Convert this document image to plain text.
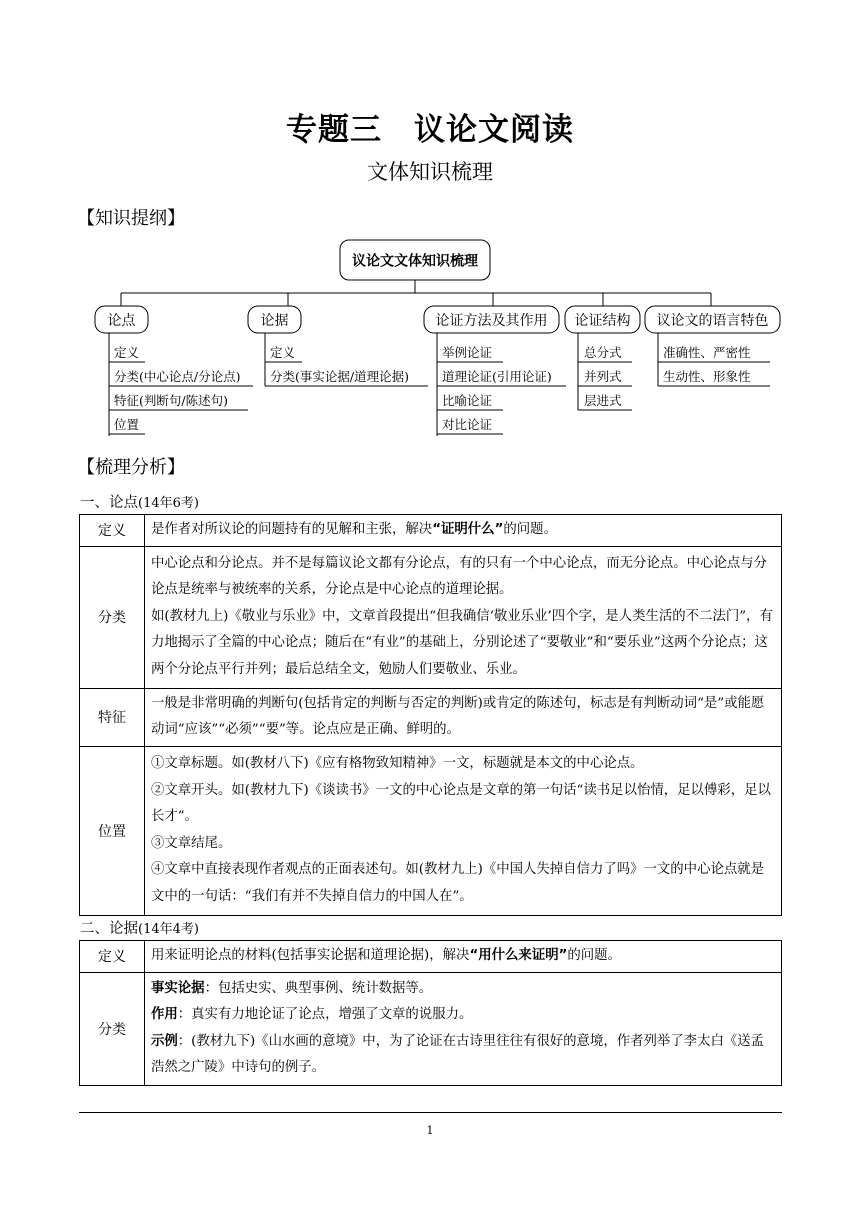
专题三　议论文阅读
文体知识梳理
【知识提纲】
议论文文体知识梳理
论点	论据	论证方法及其作用 论证结构 议论文的语言特色
定义
分类(中心论点/分论点)
特征(判断句/陈述句)
位置
定义
分类(事实论据/道理论据)
举例论证
道理论证(引用论证)
比喻论证
对比论证
总分式
并列式
层进式
准确性、严密性
生动性、形象性
【梳理分析】
一、论点(14年6考)
定义	是作者对所议论的问题持有的见解和主张，解决“证明什么”的问题。
分类	中心论点和分论点。并不是每篇议论文都有分论点，有的只有一个中心论点，而无分论点。中心论点与分论点是统率与被统率的关系，分论点是中心论点的道理论据。
如(教材九上)《敬业与乐业》中，文章首段提出“但我确信‘敬业乐业’四个字，是人类生活的不二法门”，有力地揭示了全篇的中心论点；随后在“有业”的基础上，分别论述了“要敬业”和“要乐业”这两个分论点；这两个分论点平行并列；最后总结全文，勉励人们要敬业、乐业。

特征	一般是非常明确的判断句(包括肯定的判断与否定的判断)或肯定的陈述句，标志是有判断动词“是”或能愿动词“应该”“必须”“要”等。论点应是正确、鲜明的。
位置	①文章标题。如(教材八下)《应有格物致知精神》一文，标题就是本文的中心论点。
②文章开头。如(教材九下)《谈读书》一文的中心论点是文章的第一句话“读书足以怡情，足以傅彩，足以长才”。
③文章结尾。
④文章中直接表现作者观点的正面表述句。如(教材九上)《中国人失掉自信力了吗》一文的中心论点就是文中的一句话：“我们有并不失掉自信力的中国人在”。
二、论据(14年4考)
定义	用来证明论点的材料(包括事实论据和道理论据)，解决“用什么来证明”的问题。
分类	事实论据：包括史实、典型事例、统计数据等。
作用：真实有力地论证了论点，增强了文章的说服力。
示例：(教材九下)《山水画的意境》中，为了论证在古诗里往往有很好的意境，作者列举了李太白《送孟浩然之广陵》中诗句的例子。
1
